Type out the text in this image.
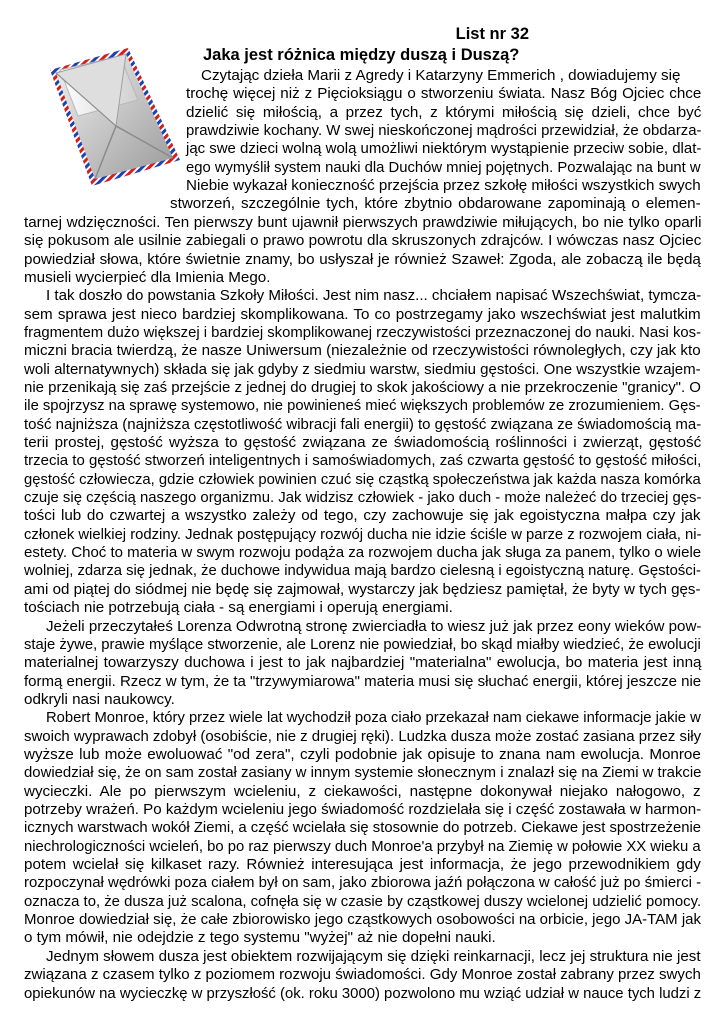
List nr 32
Jaka jest różnica między duszą i Duszą?
Czytając dzieła Marii z Agredy i Katarzyny Emmerich , dowiadujemy się
trochę więcej niż z Pięcioksiągu o stworzeniu świata. Nasz Bóg Ojciec chce
dzielić się miłością, a przez tych, z którymi miłością się dzieli, chce być
prawdziwie kochany. W swej nieskończonej mądrości przewidział, że obdarza-
jąc swe dzieci wolną wolą umożliwi niektórym wystąpienie przeciw sobie, dlat-
ego wymyślił system nauki dla Duchów mniej pojętnych. Pozwalając na bunt w
Niebie wykazał konieczność przejścia przez szkołę miłości wszystkich swych
stworzeń, szczególnie tych, które zbytnio obdarowane zapominają o elemen-
tarnej wdzięczności. Ten pierwszy bunt ujawnił pierwszych prawdziwie miłujących, bo nie tylko oparli
się pokusom ale usilnie zabiegali o prawo powrotu dla skruszonych zdrajców. I wówczas nasz Ojciec
powiedział słowa, które świetnie znamy, bo usłyszał je również Szaweł: Zgoda, ale zobaczą ile będą
musieli wycierpieć dla Imienia Mego.
I tak doszło do powstania Szkoły Miłości. Jest nim nasz... chciałem napisać Wszechświat, tymcza-
sem sprawa jest nieco bardziej skomplikowana. To co postrzegamy jako wszechświat jest malutkim
fragmentem dużo większej i bardziej skomplikowanej rzeczywistości przeznaczonej do nauki. Nasi kos-
miczni bracia twierdzą, że nasze Uniwersum (niezależnie od rzeczywistości równoległych, czy jak kto
woli alternatywnych) składa się jak gdyby z siedmiu warstw, siedmiu gęstości. One wszystkie wzajem-
nie przenikają się zaś przejście z jednej do drugiej to skok jakościowy a nie przekroczenie "granicy". O
ile spojrzysz na sprawę systemowo, nie powinieneś mieć większych problemów ze zrozumieniem. Gęs-
tość najniższa (najniższa częstotliwość wibracji fali energii) to gęstość związana ze świadomością ma-
terii prostej, gęstość wyższa to gęstość związana ze świadomością roślinności i zwierząt, gęstość
trzecia to gęstość stworzeń inteligentnych i samoświadomych, zaś czwarta gęstość to gęstość miłości,
gęstość człowieczа, gdzie człowiek powinien czuć się cząstką społeczeństwa jak każda nasza komórka
czuje się częścią naszego organizmu. Jak widzisz człowiek - jako duch - może należeć do trzeciej gęs-
tości lub do czwartej a wszystko zależy od tego, czy zachowuje się jak egoistyczna małpa czy jak
członek wielkiej rodziny. Jednak postępujący rozwój ducha nie idzie ściśle w parze z rozwojem ciała, ni-
estety. Choć to materia w swym rozwoju podąża za rozwojem ducha jak sługa za panem, tylko o wiele
wolniej, zdarza się jednak, że duchowe indywidua mają bardzo cielesną i egoistyczną naturę. Gęstości-
ami od piątej do siódmej nie będę się zajmował, wystarczy jak będziesz pamiętał, że byty w tych gęs-
tościach nie potrzebują ciała - są energiami i operują energiami.
Jeżeli przeczytałeś Lorenza Odwrotną stronę zwierciadła to wiesz już jak przez eony wieków pow-
staje żywe, prawie myślące stworzenie, ale Lorenz nie powiedział, bo skąd miałby wiedzieć, że ewolucji
materialnej towarzyszy duchowa i jest to jak najbardziej "materialna" ewolucja, bo materia jest inną
formą energii. Rzecz w tym, że ta "trzywymiarowa" materia musi się słuchać energii, której jeszcze nie
odkryli nasi naukowcy.
Robert Monroe, który przez wiele lat wychodził poza ciało przekazał nam ciekawe informacje jakie w
swoich wyprawach zdobył (osobiście, nie z drugiej ręki). Ludzka dusza może zostać zasiana przez siły
wyższe lub może ewoluować "od zera", czyli podobnie jak opisuje to znana nam ewolucja. Monroe
dowiedział się, że on sam został zasiany w innym systemie słonecznym i znalazł się na Ziemi w trakcie
wycieczki. Ale po pierwszym wcieleniu, z ciekawości, następne dokonywał niejako nałogowo, z
potrzeby wrażeń. Po każdym wcieleniu jego świadomość rozdzielała się i część zostawała w harmon-
icznych warstwach wokół Ziemi, a część wcielała się stosownie do potrzeb. Ciekawe jest spostrzeżenie
niechrologiczności wcieleń, bo po raz pierwszy duch Monroe'a przybył na Ziemię w połowie XX wieku a
potem wcielał się kilkaset razy. Również interesująca jest informacja, że jego przewodnikiem gdy
rozpoczynał wędrówki poza ciałem był on sam, jako zbiorowa jaźń połączona w całość już po śmierci -
oznacza to, że dusza już scalona, cofnęła się w czasie by cząstkowej duszy wcielonej udzielić pomocy.
Monroe dowiedział się, że całe zbiorowisko jego cząstkowych osobowości na orbicie, jego JA-TAM jak
o tym mówił, nie odejdzie z tego systemu "wyżej" aż nie dopełni nauki.
Jednym słowem dusza jest obiektem rozwijającym się dzięki reinkarnacji, lecz jej struktura nie jest
związana z czasem tylko z poziomem rozwoju świadomości. Gdy Monroe został zabrany przez swych
opiekunów na wycieczkę w przyszłość (ok. roku 3000) pozwolono mu wziąć udział w nauce tych ludzi z
